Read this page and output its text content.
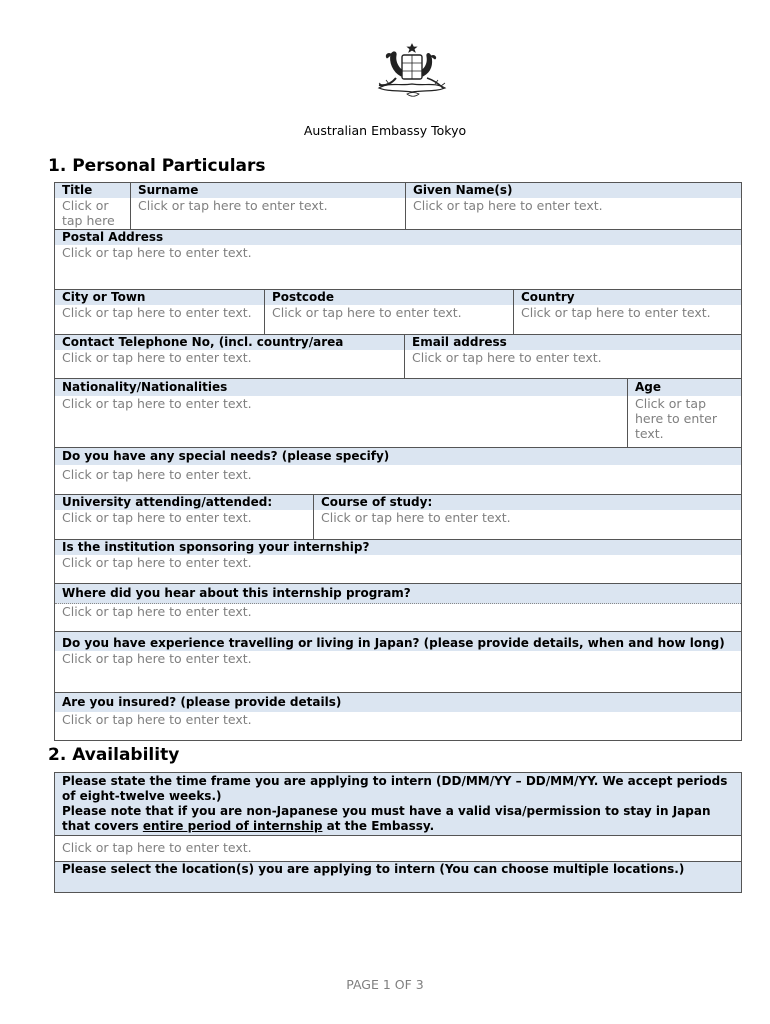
Australian Embassy Tokyo
1. Personal Particulars
Title
Click or tap here
Surname
Click or tap here to enter text.
Given Name(s)
Click or tap here to enter text.
Postal Address
Click or tap here to enter text.
City or Town
Click or tap here to enter text.
Postcode
Click or tap here to enter text.
Country
Click or tap here to enter text.
Contact Telephone No, (incl. country/area
Click or tap here to enter text.
Email address
Click or tap here to enter text.
Nationality/Nationalities
Click or tap here to enter text.
Age
Click or tap here to enter text.
Do you have any special needs? (please specify)
Click or tap here to enter text.
University attending/attended:
Click or tap here to enter text.
Course of study:
Click or tap here to enter text.
Is the institution sponsoring your internship?
Click or tap here to enter text.
Where did you hear about this internship program?
Click or tap here to enter text.
Do you have experience travelling or living in Japan? (please provide details, when and how long)
Click or tap here to enter text.
Are you insured? (please provide details)
Click or tap here to enter text.
2. Availability
Please state the time frame you are applying to intern (DD/MM/YY – DD/MM/YY. We accept periods of eight-twelve weeks.)
Please note that if you are non-Japanese you must have a valid visa/permission to stay in Japan that covers entire period of internship at the Embassy.
Click or tap here to enter text.
Please select the location(s) you are applying to intern (You can choose multiple locations.)
PAGE 1 OF 3
